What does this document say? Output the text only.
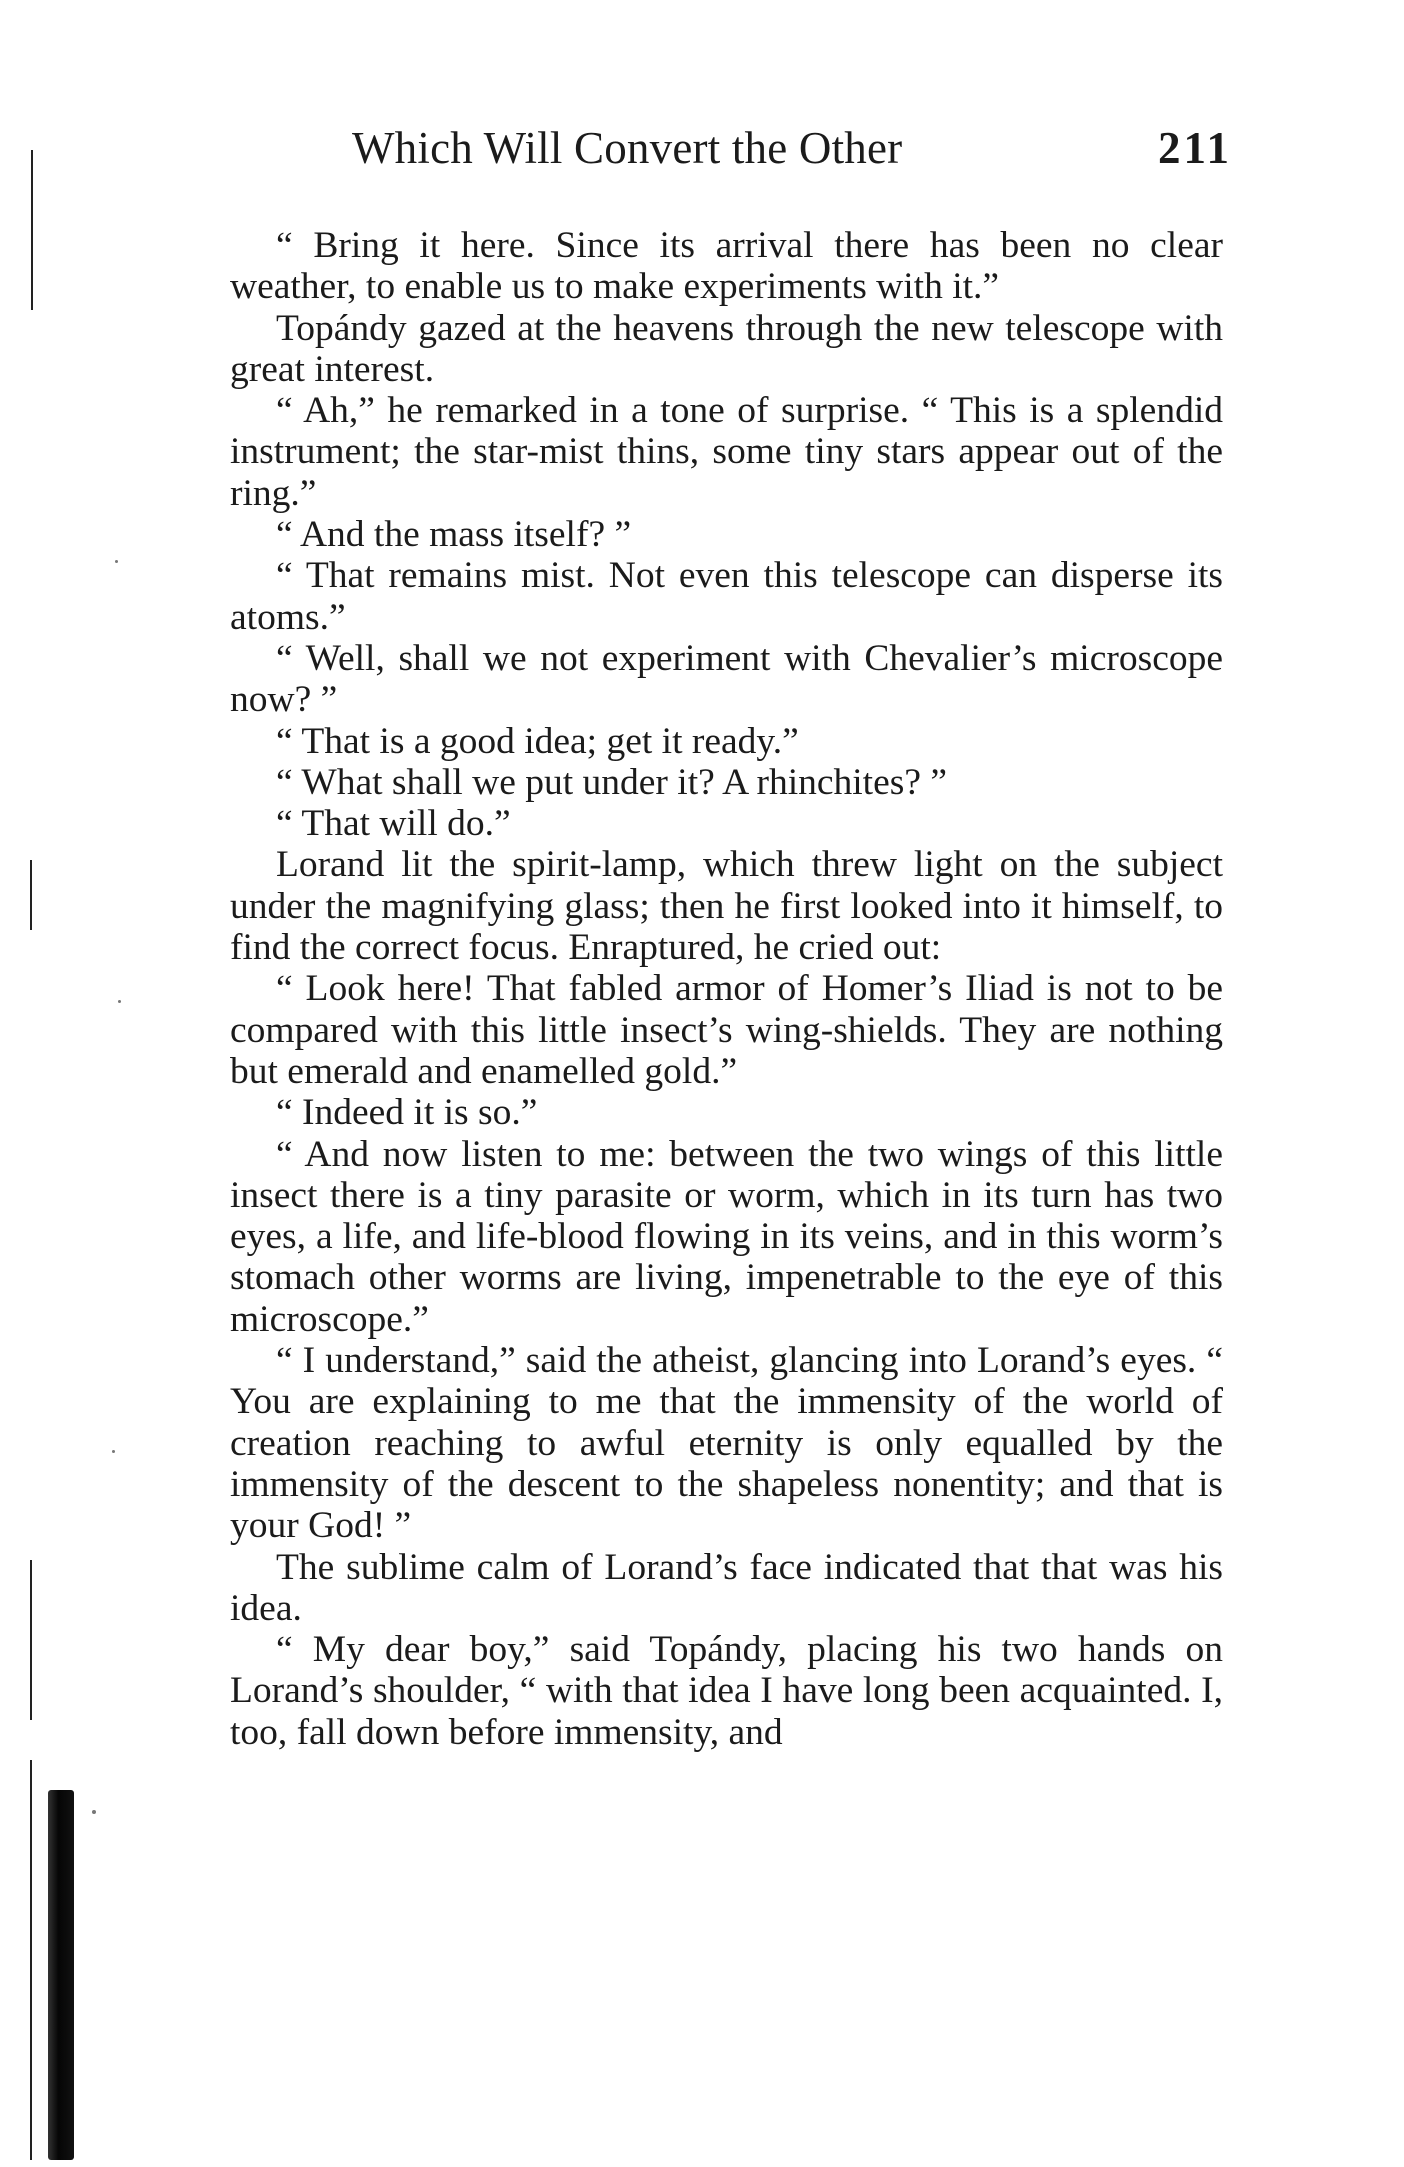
Which Will Convert the Other	211

“ Bring it here. Since its arrival there has been no clear weather, to enable us to make experiments with it.”

Topándy gazed at the heavens through the new telescope with great interest.

“ Ah,” he remarked in a tone of surprise. “ This is a splendid instrument; the star-mist thins, some tiny stars appear out of the ring.”

“ And the mass itself? ”

“ That remains mist. Not even this telescope can disperse its atoms.”

“ Well, shall we not experiment with Chevalier’s microscope now? ”

“ That is a good idea; get it ready.”

“ What shall we put under it? A rhinchites? ”

“ That will do.”

Lorand lit the spirit-lamp, which threw light on the subject under the magnifying glass; then he first looked into it himself, to find the correct focus. Enraptured, he cried out:

“ Look here! That fabled armor of Homer’s Iliad is not to be compared with this little insect’s wing-shields. They are nothing but emerald and enamelled gold.”

“ Indeed it is so.”

“ And now listen to me: between the two wings of this little insect there is a tiny parasite or worm, which in its turn has two eyes, a life, and life-blood flowing in its veins, and in this worm’s stomach other worms are living, impenetrable to the eye of this microscope.”

“ I understand,” said the atheist, glancing into Lorand’s eyes. “ You are explaining to me that the immensity of the world of creation reaching to awful eternity is only equalled by the immensity of the descent to the shapeless nonentity; and that is your God! ”

The sublime calm of Lorand’s face indicated that that was his idea.

“ My dear boy,” said Topándy, placing his two hands on Lorand’s shoulder, “ with that idea I have long been acquainted. I, too, fall down before immensity, and
